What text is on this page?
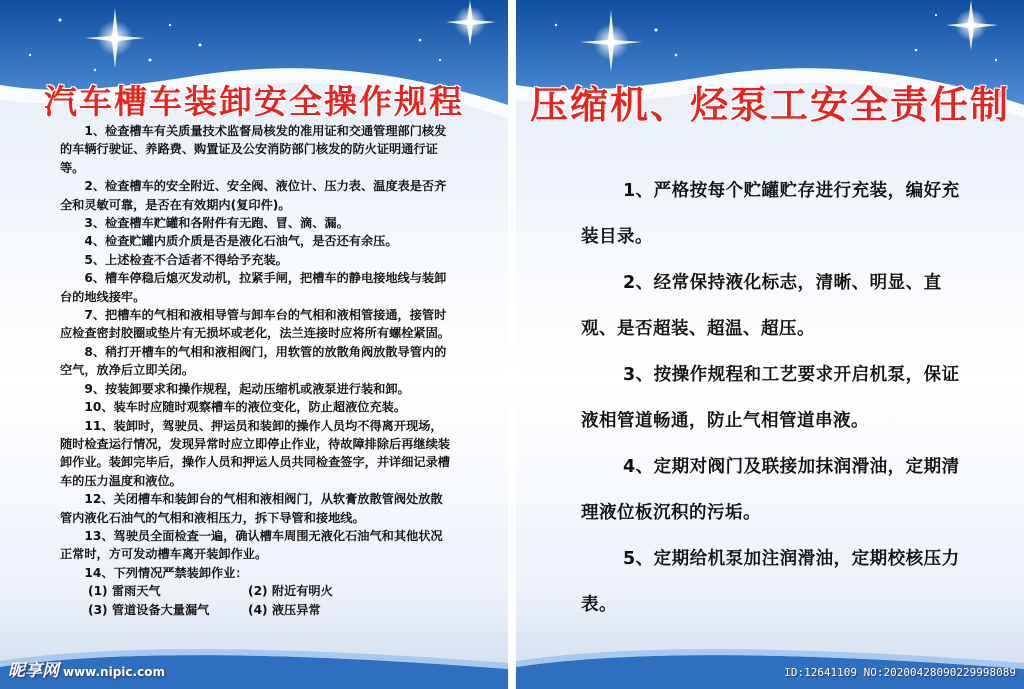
汽车槽车装卸安全操作规程

1、检查槽车有关质量技术监督局核发的准用证和交通管理部门核发的车辆行驶证、养路费、购置证及公安消防部门核发的防火证明通行证等。

2、检查槽车的安全附近、安全阀、液位计、压力表、温度表是否齐全和灵敏可靠，是否在有效期内(复印件)。

3、检查槽车贮罐和各附件有无跑、冒、滴、漏。

4、检查贮罐内质介质是否是液化石油气，是否还有余压。

5、上述检查不合适者不得给予充装。

6、槽车停稳后熄灭发动机，拉紧手闸，把槽车的静电接地线与装卸台的地线接牢。

7、把槽车的气相和液相导管与卸车台的气相和液相管接通，接管时应检查密封胶圈或垫片有无损坏或老化，法兰连接时应将所有螺栓紧固。

8、稍打开槽车的气相和液相阀门，用软管的放散角阀放散导管内的空气，放净后立即关闭。

9、按装卸要求和操作规程，起动压缩机或液泵进行装和卸。

10、装车时应随时观察槽车的液位变化，防止超液位充装。

11、装卸时，驾驶员、押运员和装卸的操作人员均不得离开现场，随时检查运行情况，发现异常时应立即停止作业，待故障排除后再继续装卸作业。装卸完毕后，操作人员和押运人员共同检查签字，并详细记录槽车的压力温度和液位。

12、关闭槽车和装卸台的气相和液相阀门，从软膏放散管阀处放散管内液化石油气的气相和液相压力，拆下导管和接地线。

13、驾驶员全面检查一遍，确认槽车周围无液化石油气和其他状况正常时，方可发动槽车离开装卸作业。

14、下列情况严禁装卸作业：

(1) 雷雨天气	(2) 附近有明火
(3) 管道设备大量漏气	(4) 液压异常
昵享网 www.nipic.com
压缩机、烃泵工安全责任制
ID:12641109 NO:20200428090229998089

1、严格按每个贮罐贮存进行充装，编好充装目录。

2、经常保持液化标志，清晰、明显、直观、是否超装、超温、超压。

3、按操作规程和工艺要求开启机泵，保证液相管道畅通，防止气相管道串液。

4、定期对阀门及联接加抹润滑油，定期清理液位板沉积的污垢。

5、定期给机泵加注润滑油，定期校核压力表。
